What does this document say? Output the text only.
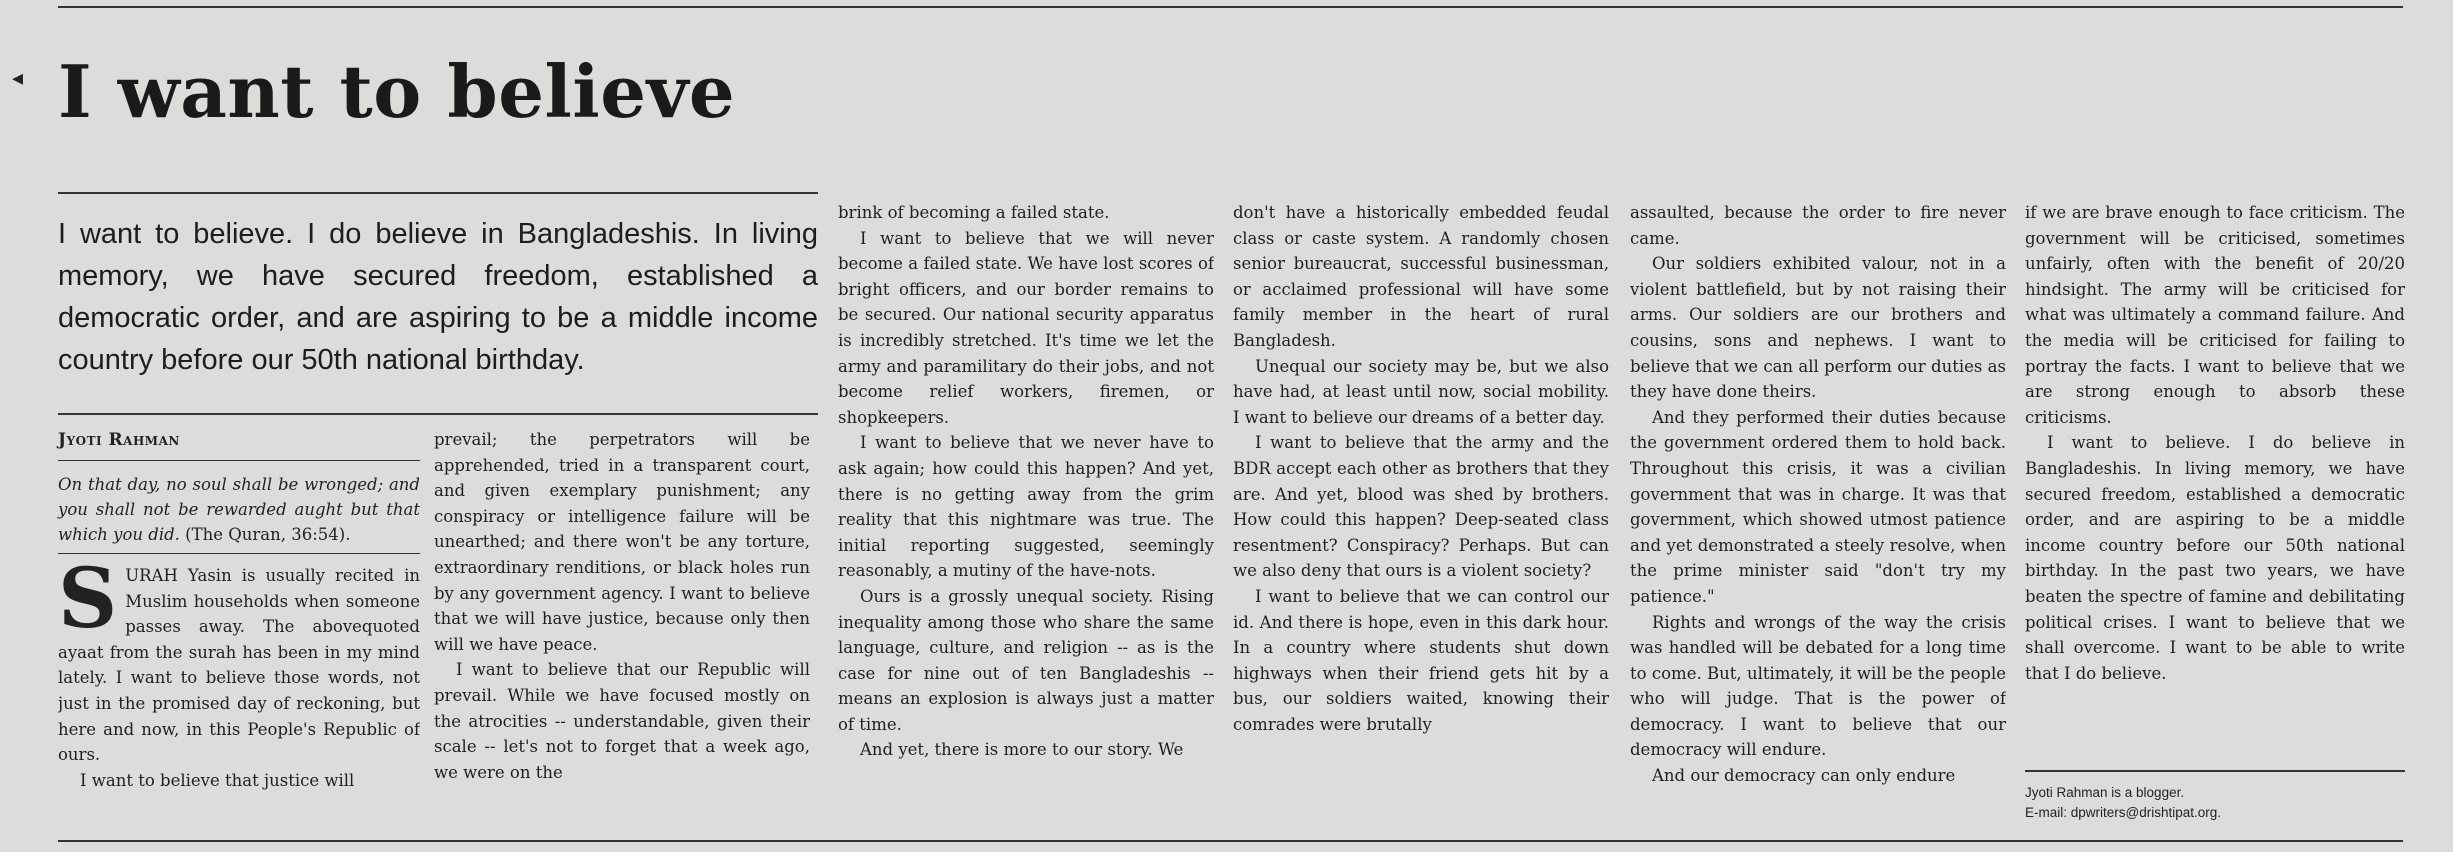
◂ I want to believe

I want to believe. I do believe in Bangladeshis. In living memory, we have secured freedom, established a democratic order, and are aspiring to be a middle income country before our 50th national birthday.

Jyoti Rahman

On that day, no soul shall be wronged; and you shall not be rewarded aught but that which you did. (The Quran, 36:54).

SURAH Yasin is usually recited in Muslim households when someone passes away. The abovequoted ayaat from the surah has been in my mind lately. I want to believe those words, not just in the promised day of reckoning, but here and now, in this People's Republic of ours.

I want to believe that justice will

prevail; the perpetrators will be apprehended, tried in a transparent court, and given exemplary punishment; any conspiracy or intelligence failure will be unearthed; and there won't be any torture, extraordinary renditions, or black holes run by any government agency. I want to believe that we will have justice, because only then will we have peace.

I want to believe that our Republic will prevail. While we have focused mostly on the atrocities -- understandable, given their scale -- let's not to forget that a week ago, we were on the

brink of becoming a failed state.

I want to believe that we will never become a failed state. We have lost scores of bright officers, and our border remains to be secured. Our national security apparatus is incredibly stretched. It's time we let the army and paramilitary do their jobs, and not become relief workers, firemen, or shopkeepers.

I want to believe that we never have to ask again; how could this happen? And yet, there is no getting away from the grim reality that this nightmare was true. The initial reporting suggested, seemingly reasonably, a mutiny of the have-nots.

Ours is a grossly unequal society. Rising inequality among those who share the same language, culture, and religion -- as is the case for nine out of ten Bangladeshis -- means an explosion is always just a matter of time.

And yet, there is more to our story. We

don't have a historically embedded feudal class or caste system. A randomly chosen senior bureaucrat, successful businessman, or acclaimed professional will have some family member in the heart of rural Bangladesh.

Unequal our society may be, but we also have had, at least until now, social mobility. I want to believe our dreams of a better day.

I want to believe that the army and the BDR accept each other as brothers that they are. And yet, blood was shed by brothers. How could this happen? Deep-seated class resentment? Conspiracy? Perhaps. But can we also deny that ours is a violent society?

I want to believe that we can control our id. And there is hope, even in this dark hour. In a country where students shut down highways when their friend gets hit by a bus, our soldiers waited, knowing their comrades were brutally

assaulted, because the order to fire never came.

Our soldiers exhibited valour, not in a violent battlefield, but by not raising their arms. Our soldiers are our brothers and cousins, sons and nephews. I want to believe that we can all perform our duties as they have done theirs.

And they performed their duties because the government ordered them to hold back. Throughout this crisis, it was a civilian government that was in charge. It was that government, which showed utmost patience and yet demonstrated a steely resolve, when the prime minister said "don't try my patience."

Rights and wrongs of the way the crisis was handled will be debated for a long time to come. But, ultimately, it will be the people who will judge. That is the power of democracy. I want to believe that our democracy will endure.

And our democracy can only endure

if we are brave enough to face criticism. The government will be criticised, sometimes unfairly, often with the benefit of 20/20 hindsight. The army will be criticised for what was ultimately a command failure. And the media will be criticised for failing to portray the facts. I want to believe that we are strong enough to absorb these criticisms.

I want to believe. I do believe in Bangladeshis. In living memory, we have secured freedom, established a democratic order, and are aspiring to be a middle income country before our 50th national birthday. In the past two years, we have beaten the spectre of famine and debilitating political crises. I want to believe that we shall overcome. I want to be able to write that I do believe.

Jyoti Rahman is a blogger.
E-mail: dpwriters@drishtipat.org.
